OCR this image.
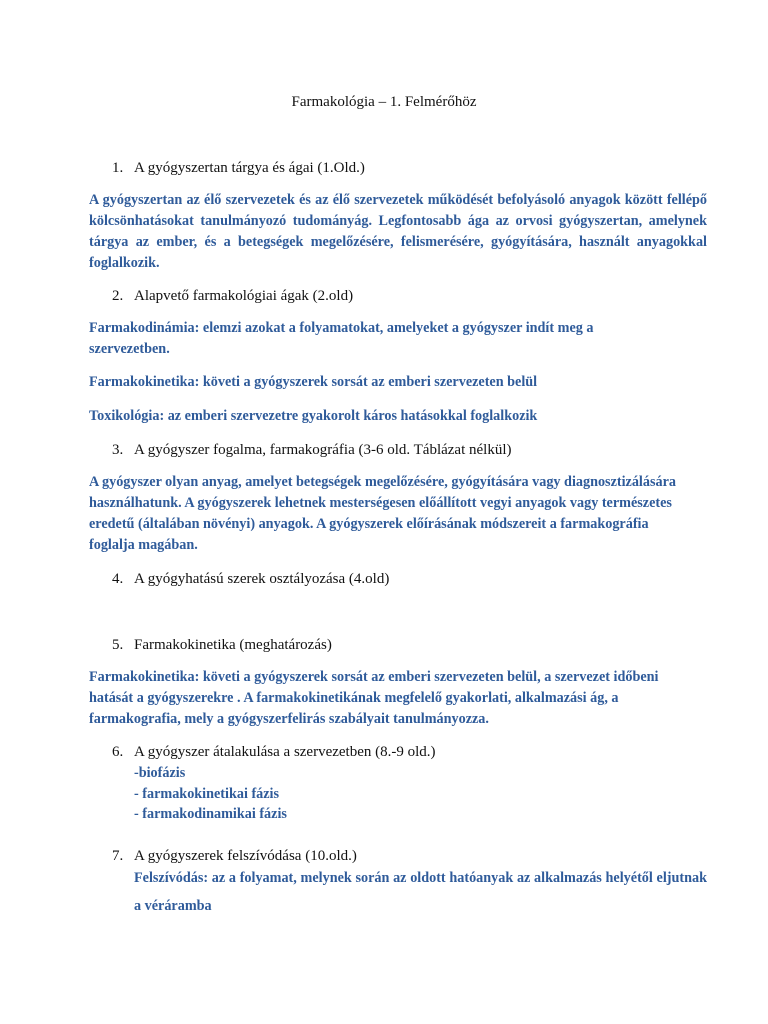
Farmakológia – 1. Felmérőhöz
1. A gyógyszertan tárgya és ágai (1.Old.)
A gyógyszertan az élő szervezetek és az élő szervezetek működését befolyásoló anyagok között fellépő kölcsönhatásokat tanulmányozó tudományág. Legfontosabb ága az orvosi gyógyszertan, amelynek tárgya az ember, és a betegségek megelőzésére, felismerésére, gyógyítására, használt anyagokkal foglalkozik.
2. Alapvető farmakológiai ágak (2.old)
Farmakodinámia: elemzi azokat a folyamatokat, amelyeket a gyógyszer indít meg a szervezetben.
Farmakokinetika: követi a gyógyszerek sorsát az emberi szervezeten belül
Toxikológia: az emberi szervezetre gyakorolt káros hatásokkal foglalkozik
3. A gyógyszer fogalma, farmakográfia (3-6 old. Táblázat nélkül)
A gyógyszer olyan anyag, amelyet betegségek megelőzésére, gyógyítására vagy diagnosztizálására használhatunk. A gyógyszerek lehetnek mesterségesen előállított vegyi anyagok vagy természetes eredetű (általában növényi) anyagok. A gyógyszerek előírásának módszereit a farmakográfia foglalja magában.
4. A gyógyhatású szerek osztályozása (4.old)
5. Farmakokinetika (meghatározás)
Farmakokinetika: követi a gyógyszerek sorsát az emberi szervezeten belül, a szervezet időbeni hatását a gyógyszerekre . A farmakokinetikának megfelelő gyakorlati, alkalmazási ág, a farmakografia, mely a gyógyszerfelirás szabályait tanulmányozza.
6. A gyógyszer átalakulása a szervezetben (8.-9 old.)
-biofázis
- farmakokinetikai fázis
- farmakodinamikai fázis
7. A gyógyszerek felszívódása (10.old.)
Felszívódás: az a folyamat, melynek során az oldott hatóanyak az alkalmazás helyétől eljutnak a véráramba
